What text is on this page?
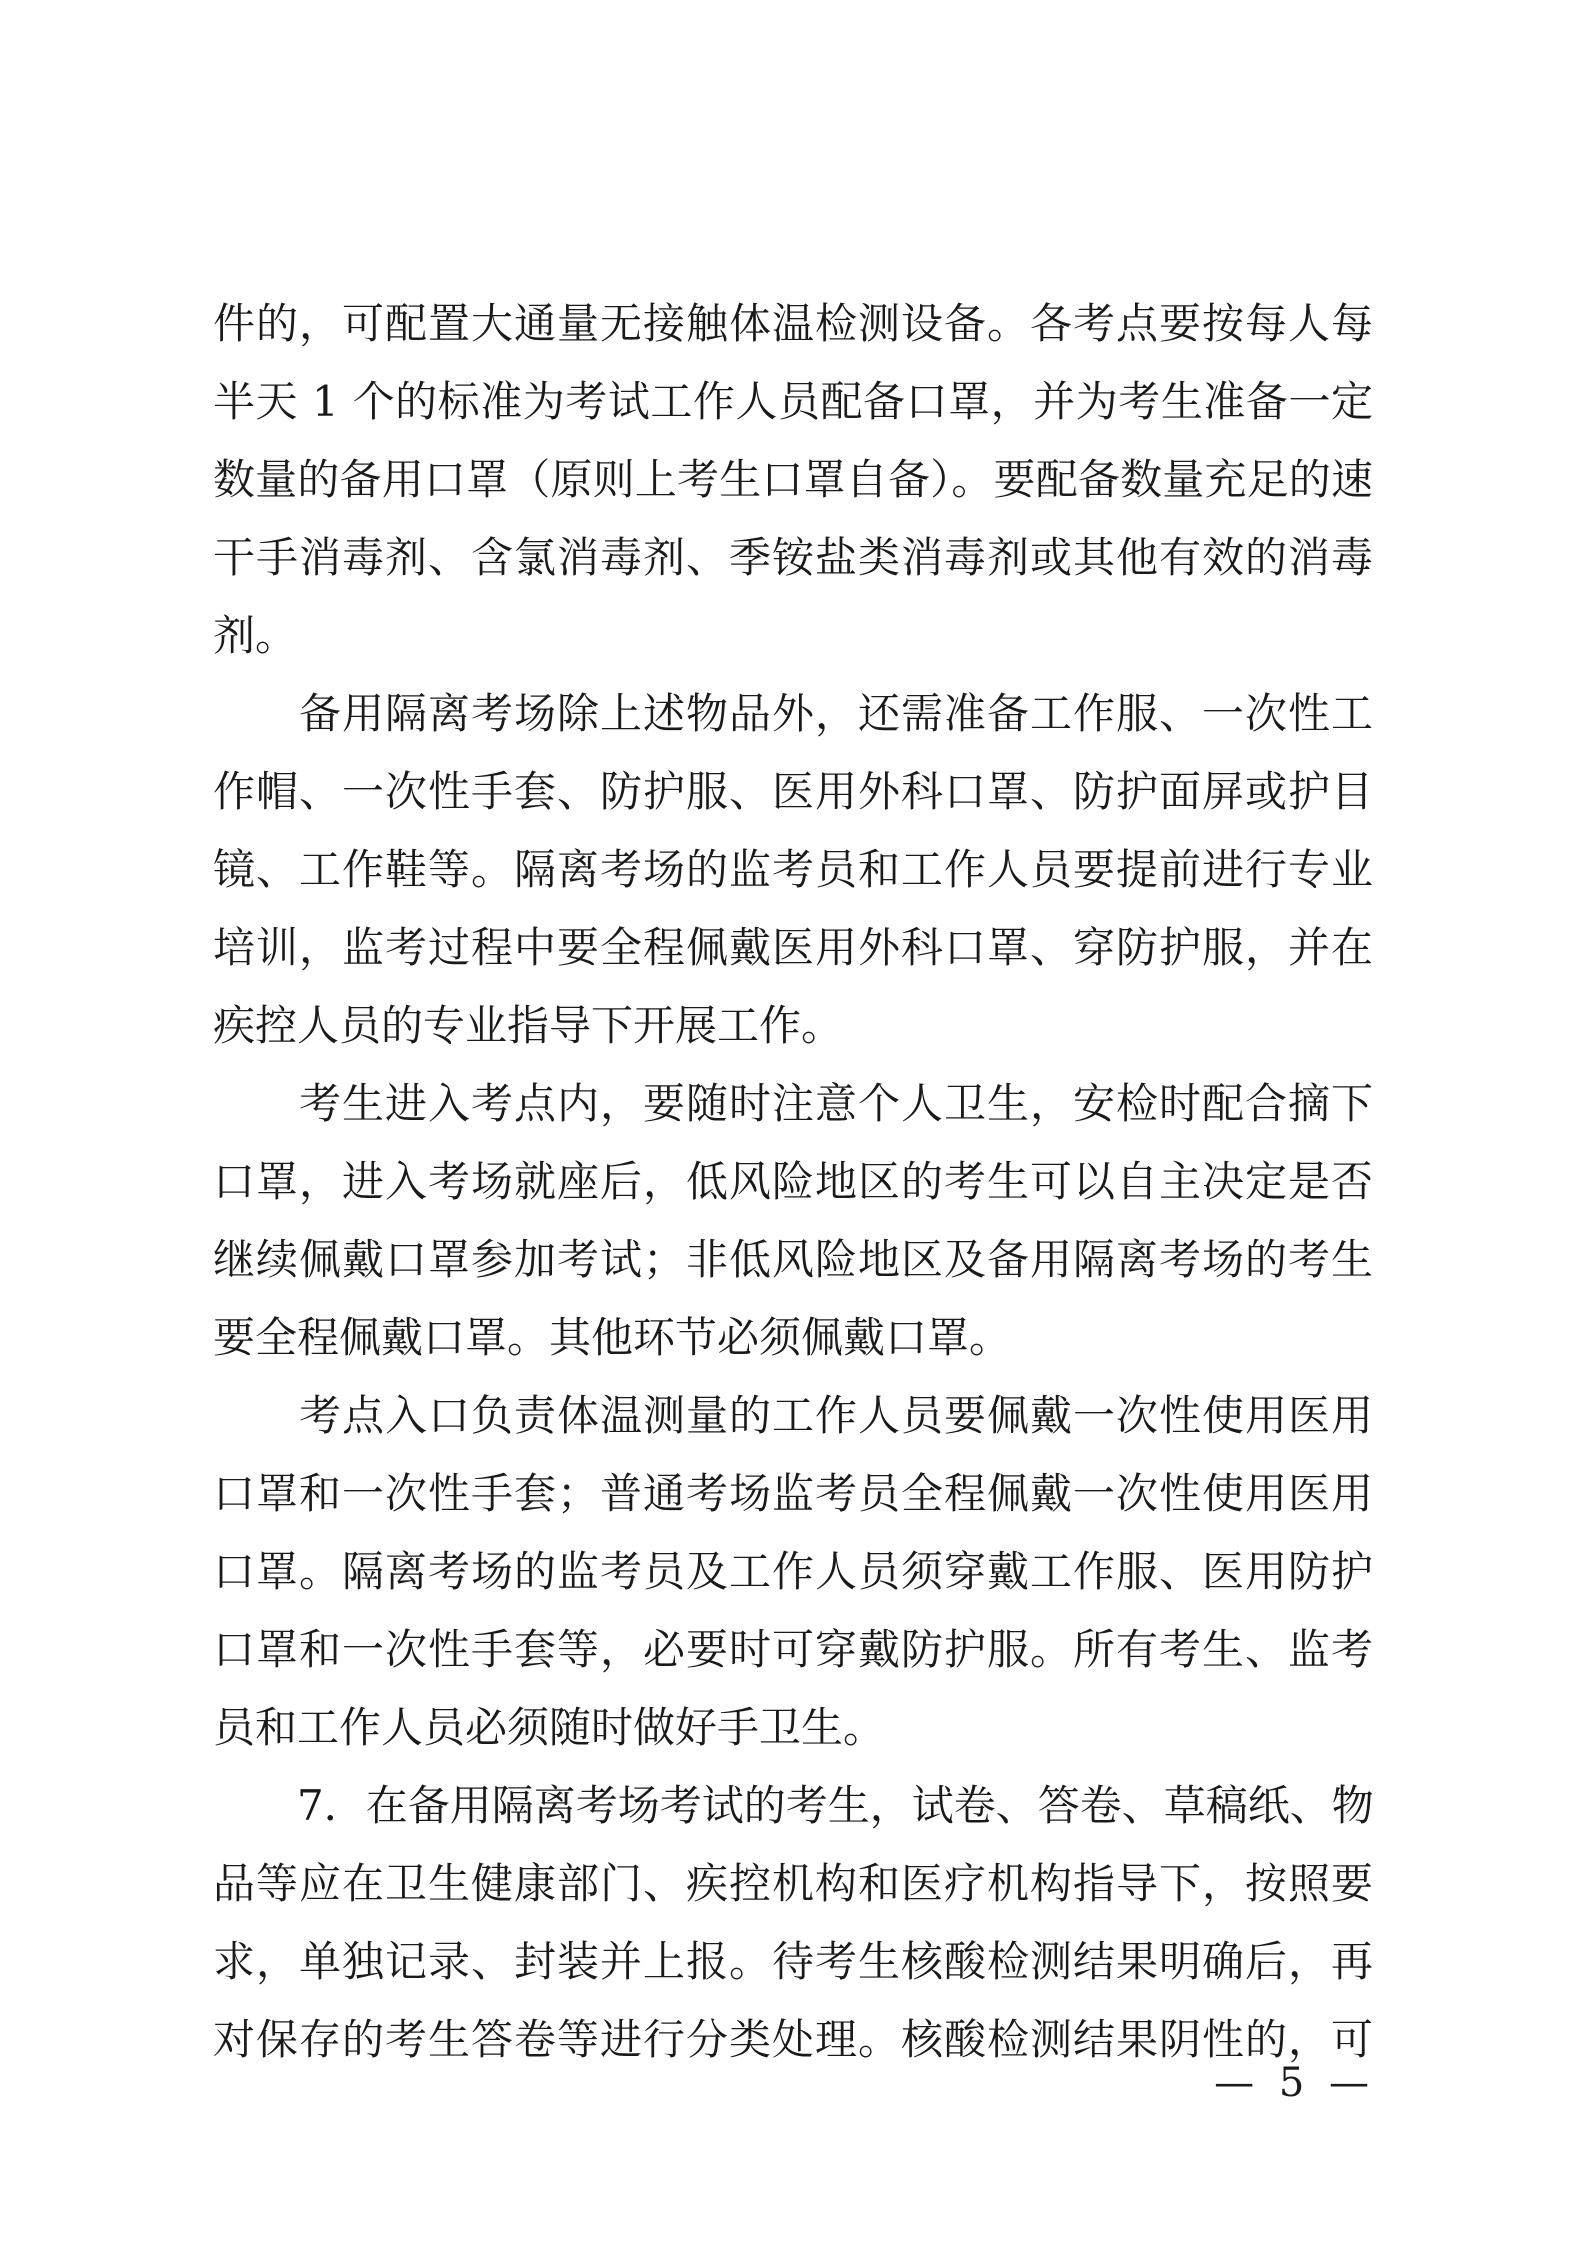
件的，可配置大通量无接触体温检测设备。各考点要按每人每
半天 1 个的标准为考试工作人员配备口罩，并为考生准备一定
数量的备用口罩（原则上考生口罩自备）。要配备数量充足的速
干手消毒剂、含氯消毒剂、季铵盐类消毒剂或其他有效的消毒
剂。
　　备用隔离考场除上述物品外，还需准备工作服、一次性工
作帽、一次性手套、防护服、医用外科口罩、防护面屏或护目
镜、工作鞋等。隔离考场的监考员和工作人员要提前进行专业
培训，监考过程中要全程佩戴医用外科口罩、穿防护服，并在
疾控人员的专业指导下开展工作。
　　考生进入考点内，要随时注意个人卫生，安检时配合摘下
口罩，进入考场就座后，低风险地区的考生可以自主决定是否
继续佩戴口罩参加考试；非低风险地区及备用隔离考场的考生
要全程佩戴口罩。其他环节必须佩戴口罩。
　　考点入口负责体温测量的工作人员要佩戴一次性使用医用
口罩和一次性手套；普通考场监考员全程佩戴一次性使用医用
口罩。隔离考场的监考员及工作人员须穿戴工作服、医用防护
口罩和一次性手套等，必要时可穿戴防护服。所有考生、监考
员和工作人员必须随时做好手卫生。
　　7．在备用隔离考场考试的考生，试卷、答卷、草稿纸、物
品等应在卫生健康部门、疾控机构和医疗机构指导下，按照要
求，单独记录、封装并上报。待考生核酸检测结果明确后，再
对保存的考生答卷等进行分类处理。核酸检测结果阴性的，可
— 5 —
